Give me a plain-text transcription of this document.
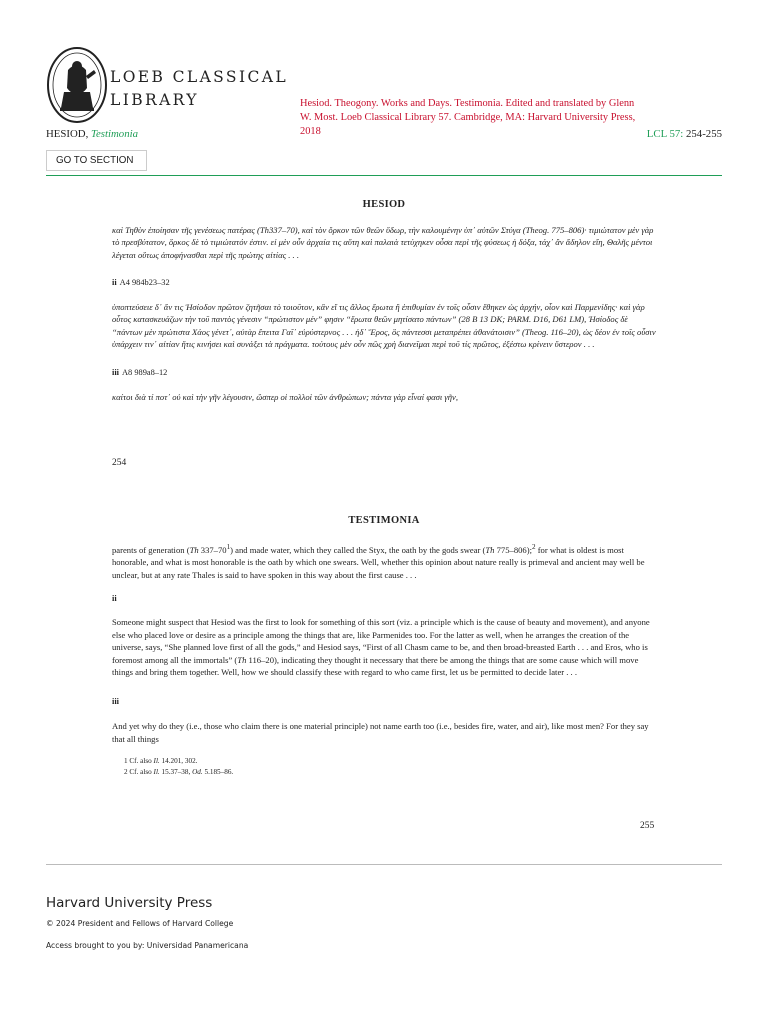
LOEB CLASSICAL
LIBRARY	Hesiod. Theogony. Works and Days. Testimonia. Edited and translated by Glenn W. Most. Loeb Classical Library 57. Cambridge, MA: Harvard University Press, 2018
HESIOD, Testimonia	LCL 57: 254-255
GO TO SECTION
HESIOD
καὶ Τηθὺν ἐποίησαν τῆς γενέσεως πατέρας (Th337–70), καὶ τὸν ὅρκον τῶν θεῶν ὕδωρ, τὴν καλουμένην ὑπ᾽ αὐτῶν Στύγα (Theog. 775–806)· τιμιώτατον μὲν γὰρ τὸ πρεσβύτατον, ὅρκος δὲ τὸ τιμιώτατόν ἐστιν. εἰ μὲν οὖν ἀρχαία τις αὕτη καὶ παλαιὰ τετύχηκεν οὖσα περὶ τῆς φύσεως ἡ δόξα, τάχ᾽ ἂν ἄδηλον εἴη, Θαλῆς μέντοι λέγεται οὕτως ἀποφήνασθαι περὶ τῆς πρώτης αἰτίας . . .
ii A4 984b23–32
ὑποπτεύσειε δ᾽ ἄν τις Ἡσίοδον πρῶτον ζητῆσαι τὸ τοιοῦτον, κἂν εἴ τις ἄλλος ἔρωτα ἢ ἐπιθυμίαν ἐν τοῖς οὖσιν ἔθηκεν ὡς ἀρχήν, οἷον καὶ Παρμενίδης· καὶ γὰρ οὗτος κατασκευάζων τὴν τοῦ παντὸς γένεσιν “πρώτιστον μέν” φησιν “ἔρωτα θεῶν μητίσατο πάντων” (28 B 13 DK; PARM. D16, D61 LM), Ἡσίοδος δὲ “πάντων μὲν πρώτιστα Χάος γένετ᾽, αὐτὰρ ἔπειτα Γαῖ᾽ εὐρύστερνος . . . ἠδ᾽ Ἔρος, ὃς πάντεσσι μεταπρέπει ἀθανάτοισιν” (Theog. 116–20), ὡς δέον ἐν τοῖς οὖσιν ὑπάρχειν τιν᾽ αἰτίαν ἥτις κινήσει καὶ συνάξει τὰ πράγματα. τούτους μὲν οὖν πῶς χρὴ διανεῖμαι περὶ τοῦ τίς πρῶτος, ἐξέστω κρίνειν ὕστερον . . .
iii A8 989a8–12
καίτοι διὰ τί ποτ᾽ οὐ καὶ τὴν γῆν λέγουσιν, ὥσπερ οἱ πολλοὶ τῶν ἀνθρώπων; πάντα γὰρ εἶναί φασι γῆν,
254
TESTIMONIA
parents of generation (Th $337-70^1$) and made water, which they called the Styx, the oath by the gods swear (Th 775–806);$^2$ for what is oldest is most honorable, and what is most honorable is the oath by which one swears. Well, whether this opinion about nature really is primeval and ancient may well be unclear, but at any rate Thales is said to have spoken in this way about the first cause . . .
ii
Someone might suspect that Hesiod was the first to look for something of this sort (viz. a principle which is the cause of beauty and movement), and anyone else who placed love or desire as a principle among the things that are, like Parmenides too. For the latter as well, when he arranges the creation of the universe, says, “She planned love first of all the gods,” and Hesiod says, “First of all Chasm came to be, and then broad-breasted Earth . . . and Eros, who is foremost among all the immortals” (Th 116–20), indicating they thought it necessary that there be among the things that are some cause which will move things and bring them together. Well, how we should classify these with regard to who came first, let us be permitted to decide later . . .
iii
And yet why do they (i.e., those who claim there is one material principle) not name earth too (i.e., besides fire, water, and air), like most men? For they say that all things
1 Cf. also Il. 14.201, 302.
2 Cf. also Il. 15.37–38, Od. 5.185–86.
255
Harvard University Press
© 2024 President and Fellows of Harvard College
Access brought to you by: Universidad Panamericana
